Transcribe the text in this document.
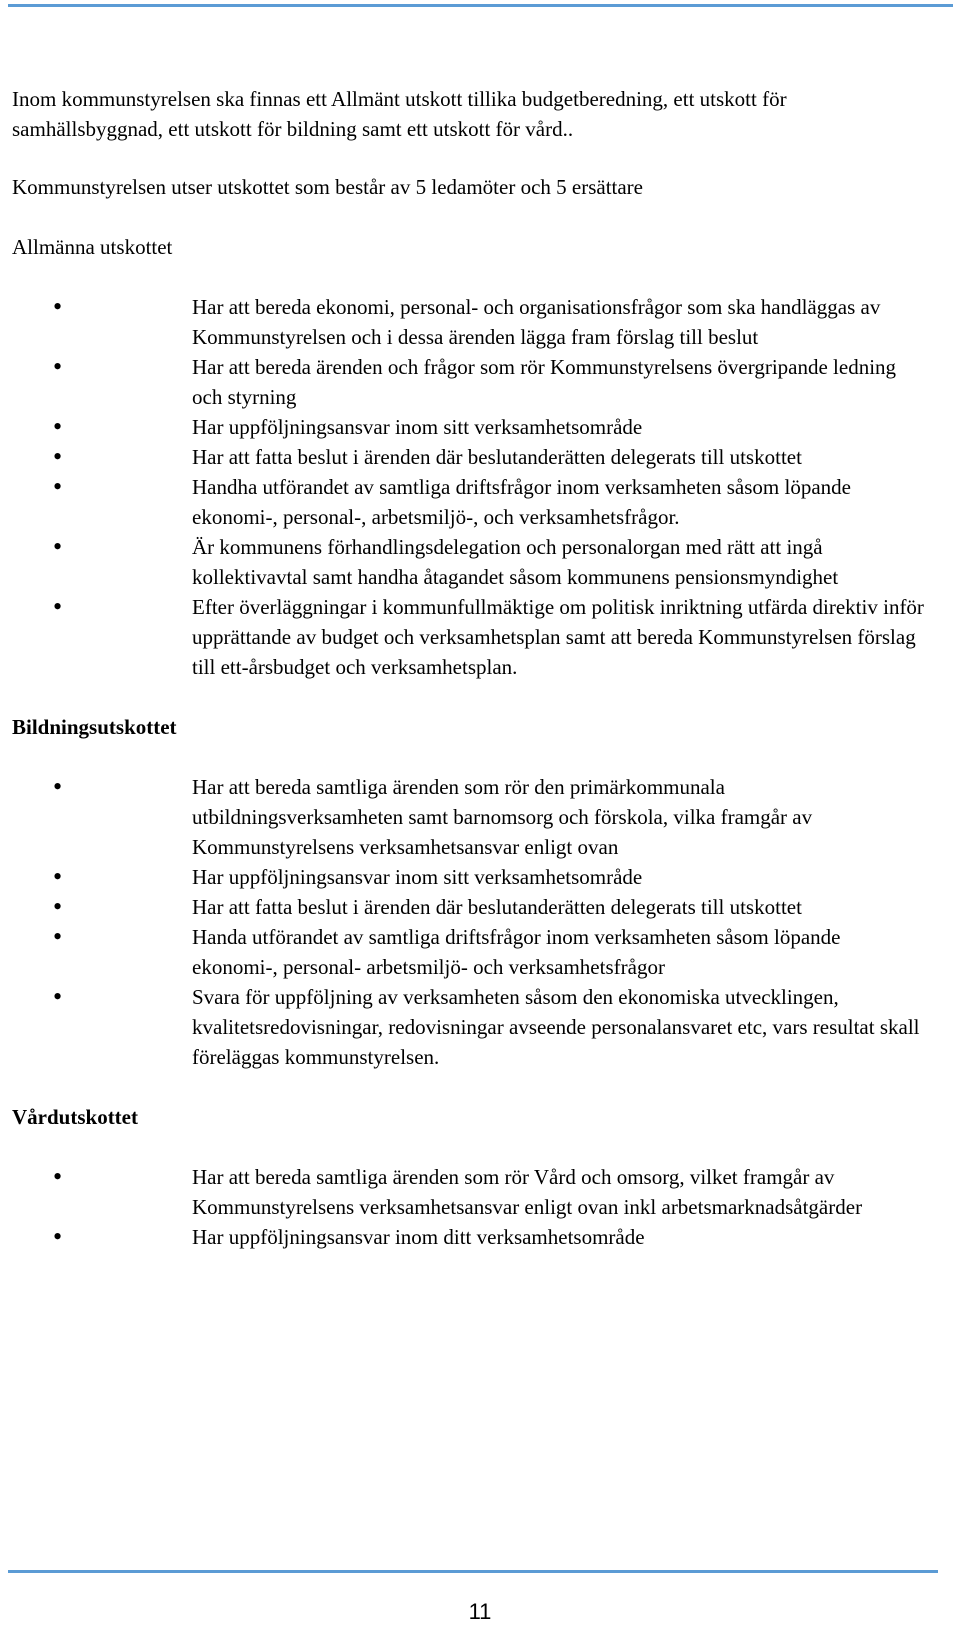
Inom kommunstyrelsen ska finnas ett Allmänt utskott tillika budgetberedning, ett utskott för samhällsbyggnad, ett utskott för bildning samt ett utskott för vård..

Kommunstyrelsen utser utskottet som består av 5 ledamöter och 5 ersättare

Allmänna utskottet
•	Har att bereda ekonomi, personal- och organisationsfrågor som ska handläggas av Kommunstyrelsen och i dessa ärenden lägga fram förslag till beslut
•	Har att bereda ärenden och frågor som rör Kommunstyrelsens övergripande ledning och styrning
•	Har uppföljningsansvar inom sitt verksamhetsområde
•	Har att fatta beslut i ärenden där beslutanderätten delegerats till utskottet
•	Handha utförandet av samtliga driftsfrågor inom verksamheten såsom löpande ekonomi-, personal-, arbetsmiljö-, och verksamhetsfrågor.
•	Är kommunens förhandlingsdelegation och personalorgan med rätt att ingå kollektivavtal samt handha åtagandet såsom kommunens pensionsmyndighet
•	Efter överläggningar i kommunfullmäktige om politisk inriktning utfärda direktiv inför upprättande av budget och verksamhetsplan samt att bereda Kommunstyrelsen förslag till ett-årsbudget och verksamhetsplan.
Bildningsutskottet
•	Har att bereda samtliga ärenden som rör den primärkommunala utbildningsverksamheten samt barnomsorg och förskola, vilka framgår av Kommunstyrelsens verksamhetsansvar enligt ovan
•	Har uppföljningsansvar inom sitt verksamhetsområde
•	Har att fatta beslut i ärenden där beslutanderätten delegerats till utskottet
•	Handa utförandet av samtliga driftsfrågor inom verksamheten såsom löpande ekonomi-, personal- arbetsmiljö- och verksamhetsfrågor
•	Svara för uppföljning av verksamheten såsom den ekonomiska utvecklingen, kvalitetsredovisningar, redovisningar avseende personalansvaret etc, vars resultat skall föreläggas kommunstyrelsen.
Vårdutskottet
•	Har att bereda samtliga ärenden som rör Vård och omsorg, vilket framgår av Kommunstyrelsens verksamhetsansvar enligt ovan inkl arbetsmarknadsåtgärder
•	Har uppföljningsansvar inom ditt verksamhetsområde
11
